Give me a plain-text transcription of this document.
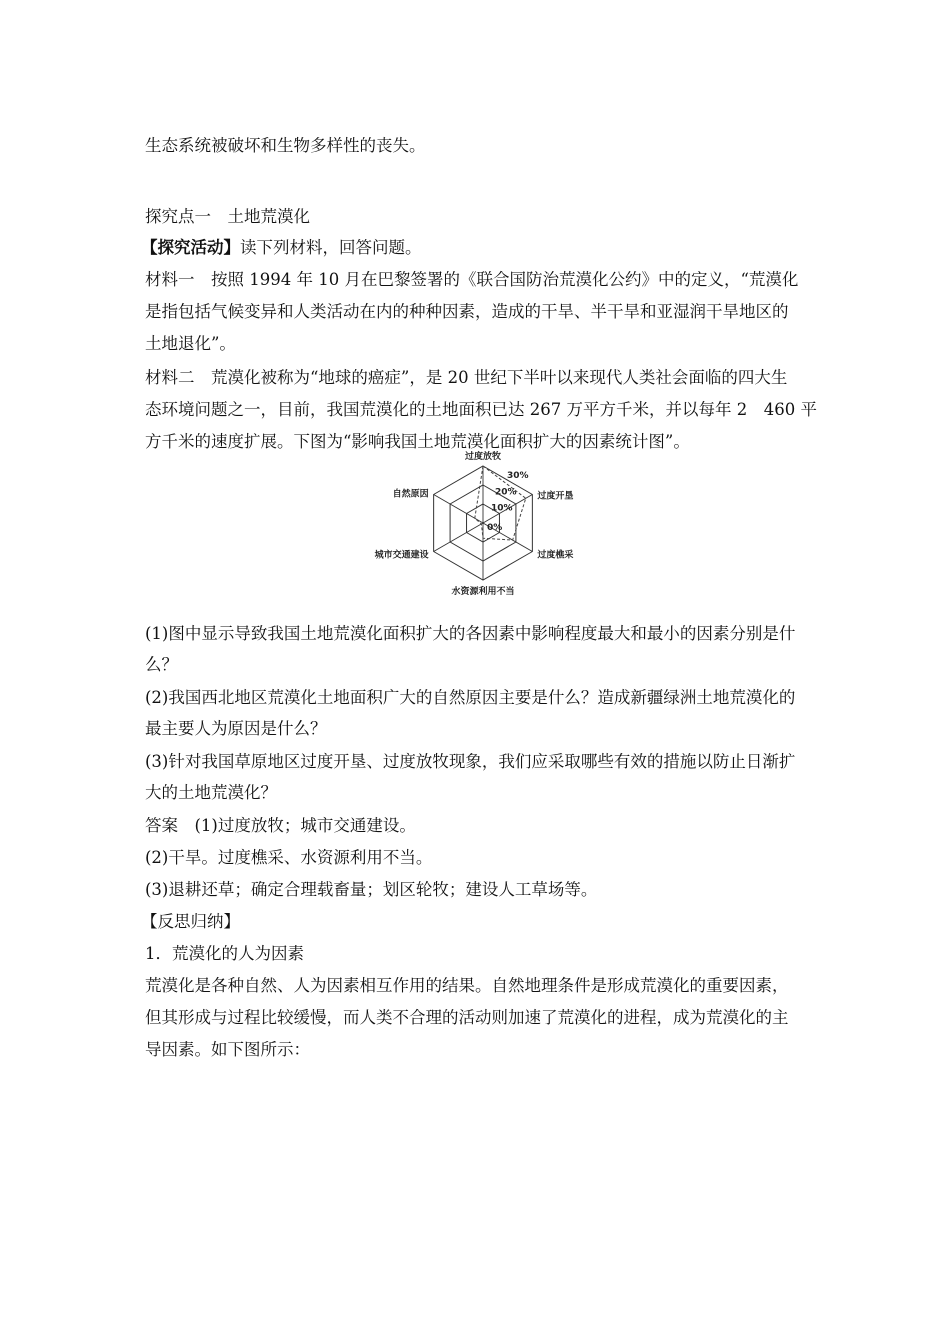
生态系统被破坏和生物多样性的丧失。
探究点一　土地荒漠化
【探究活动】读下列材料，回答问题。
材料一　按照 1994 年 10 月在巴黎签署的《联合国防治荒漠化公约》中的定义，“荒漠化
是指包括气候变异和人类活动在内的种种因素，造成的干旱、半干旱和亚湿润干旱地区的
土地退化”。
材料二　荒漠化被称为“地球的癌症”，是 20 世纪下半叶以来现代人类社会面临的四大生
态环境问题之一，目前，我国荒漠化的土地面积已达 267 万平方千米，并以每年 2　460 平
方千米的速度扩展。下图为“影响我国土地荒漠化面积扩大的因素统计图”。
30%
20%
10%
0%
过度放牧
过度开垦
过度樵采
水资源利用不当
城市交通建设
自然原因
(1)图中显示导致我国土地荒漠化面积扩大的各因素中影响程度最大和最小的因素分别是什
么？
(2)我国西北地区荒漠化土地面积广大的自然原因主要是什么？造成新疆绿洲土地荒漠化的
最主要人为原因是什么？
(3)针对我国草原地区过度开垦、过度放牧现象，我们应采取哪些有效的措施以防止日渐扩
大的土地荒漠化？
答案　(1)过度放牧；城市交通建设。
(2)干旱。过度樵采、水资源利用不当。
(3)退耕还草；确定合理载畜量；划区轮牧；建设人工草场等。
【反思归纳】
1．荒漠化的人为因素
荒漠化是各种自然、人为因素相互作用的结果。自然地理条件是形成荒漠化的重要因素，
但其形成与过程比较缓慢，而人类不合理的活动则加速了荒漠化的进程，成为荒漠化的主
导因素。如下图所示：
